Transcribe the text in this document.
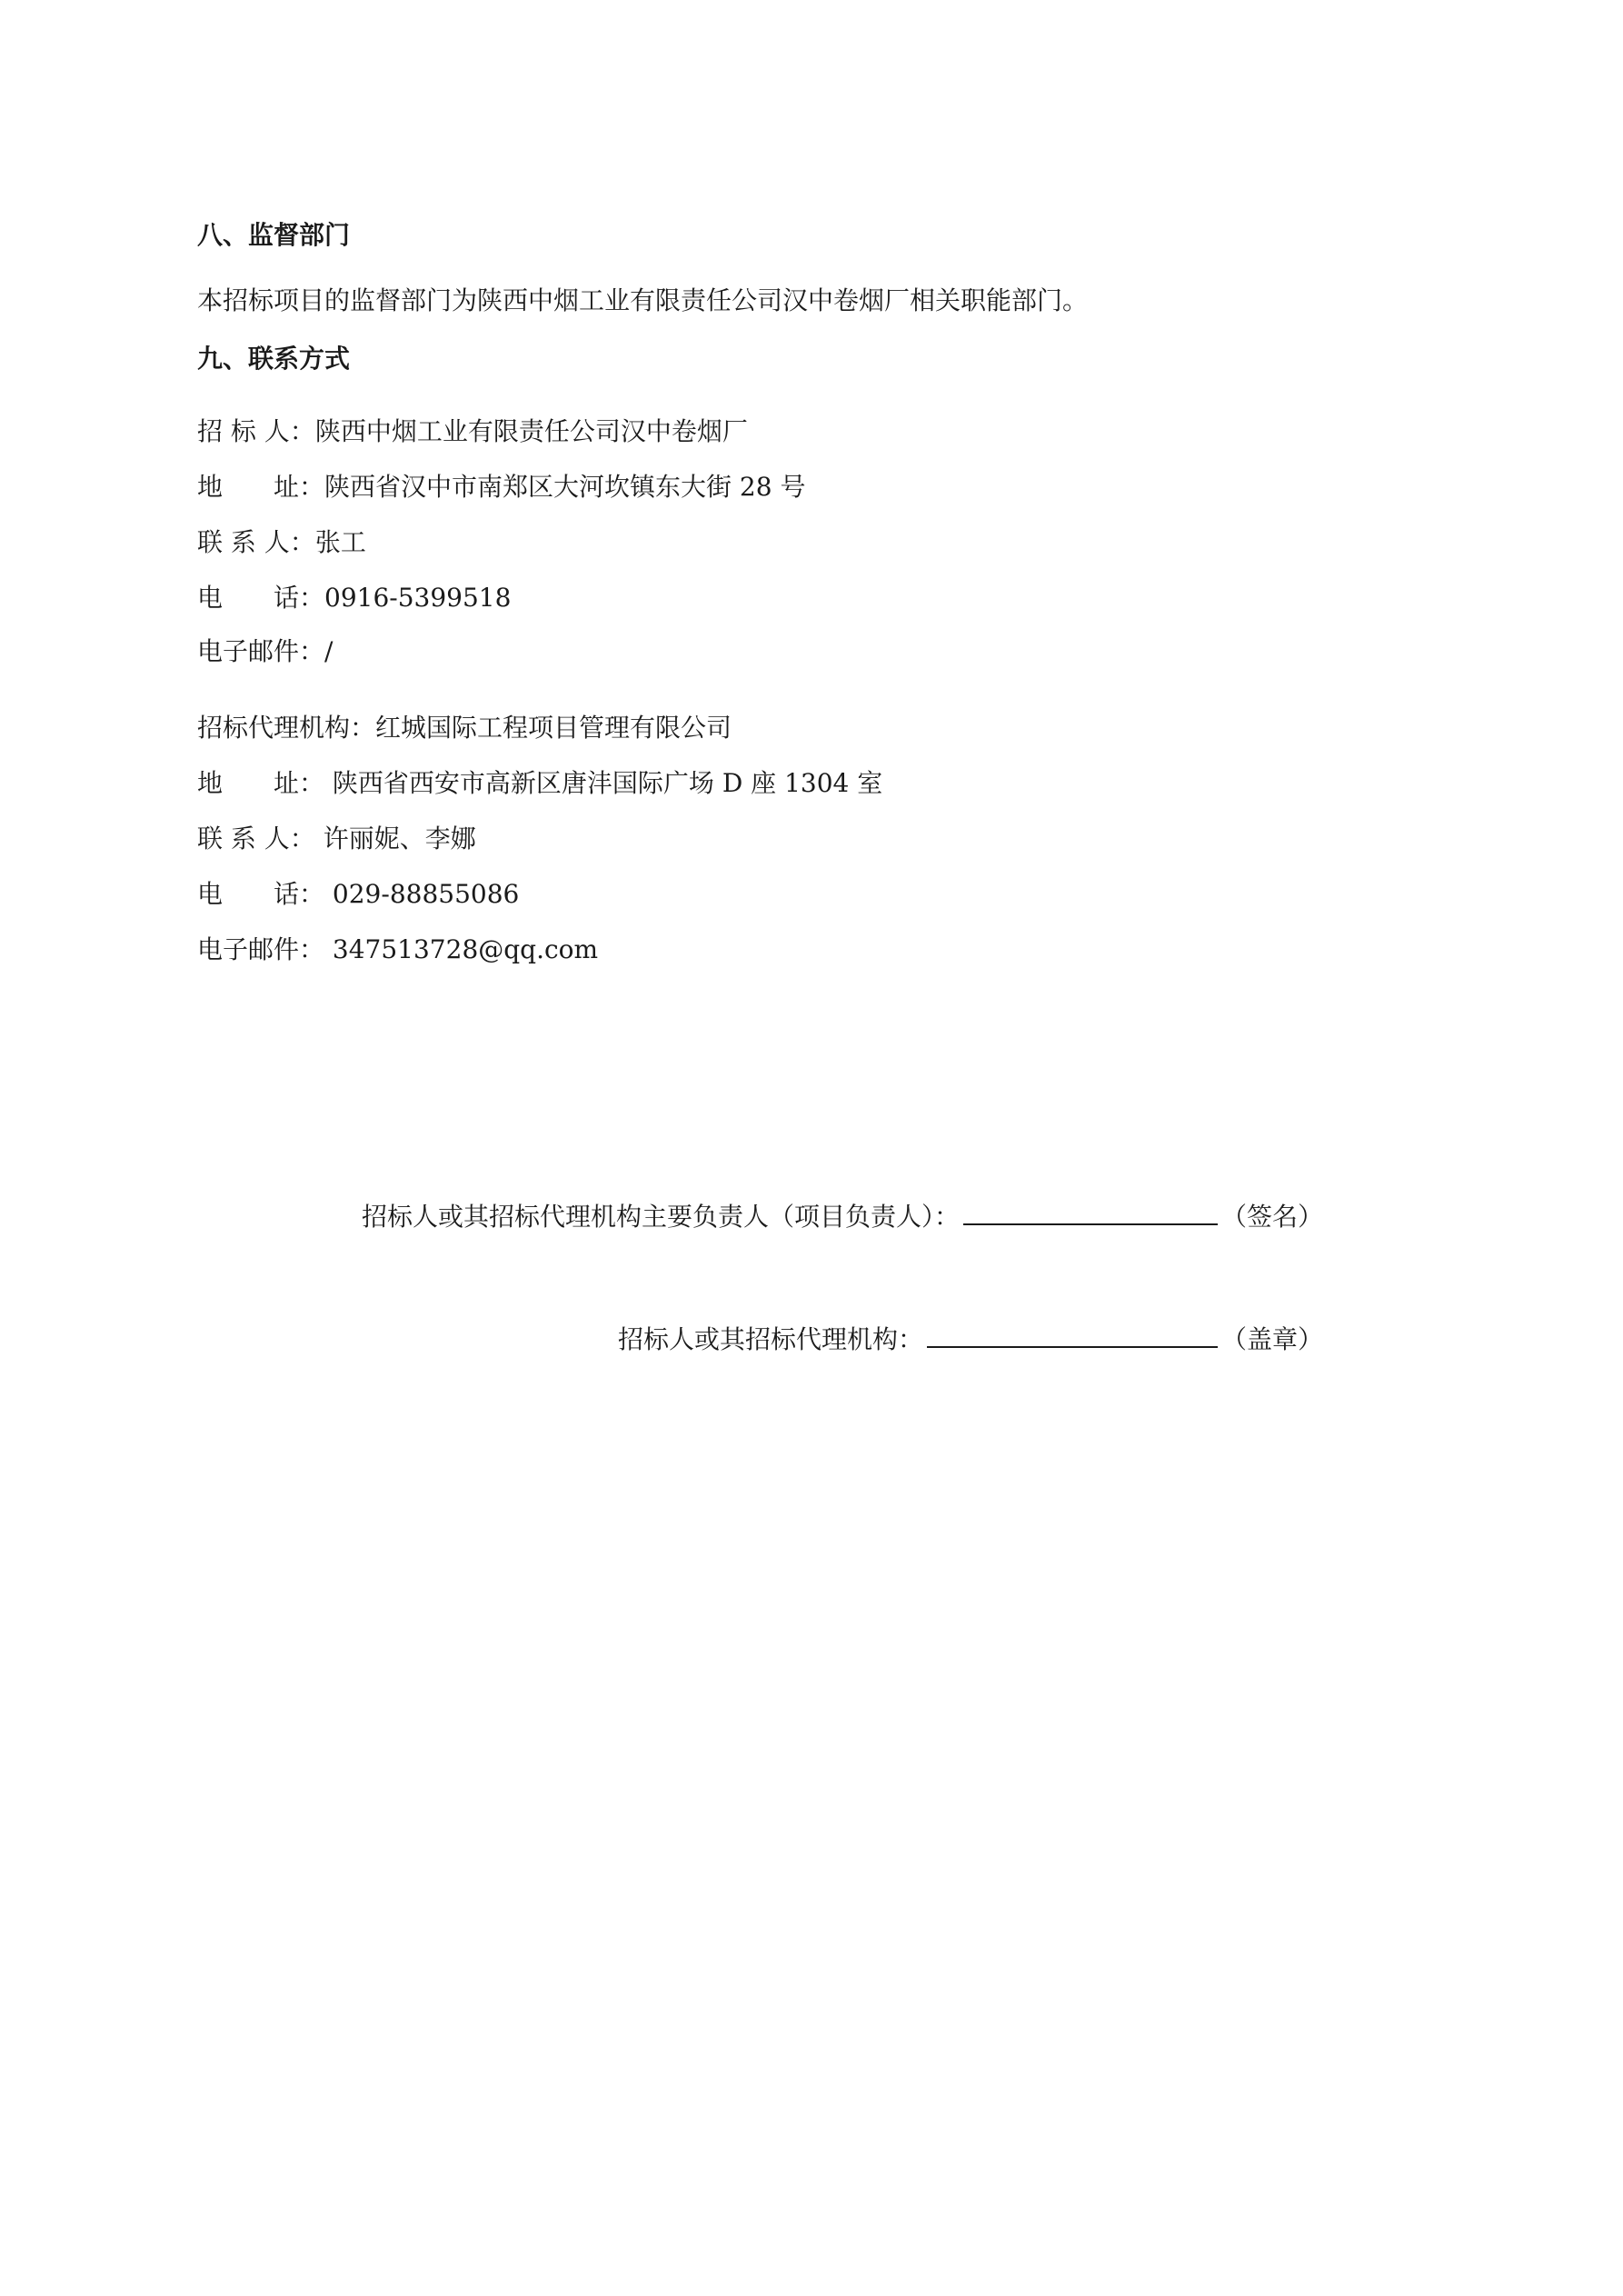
八、监督部门
本招标项目的监督部门为陕西中烟工业有限责任公司汉中卷烟厂相关职能部门。
九、联系方式
招 标 人：陕西中烟工业有限责任公司汉中卷烟厂
地　　址：陕西省汉中市南郑区大河坎镇东大街 28 号
联 系 人：张工
电　　话：0916-5399518
电子邮件：/
招标代理机构：红城国际工程项目管理有限公司
地　　址： 陕西省西安市高新区唐沣国际广场 D 座 1304 室
联 系 人： 许丽妮、李娜
电　　话： 029-88855086
电子邮件： 347513728@qq.com
招标人或其招标代理机构主要负责人（项目负责人）：	（签名）
招标人或其招标代理机构：	（盖章）
